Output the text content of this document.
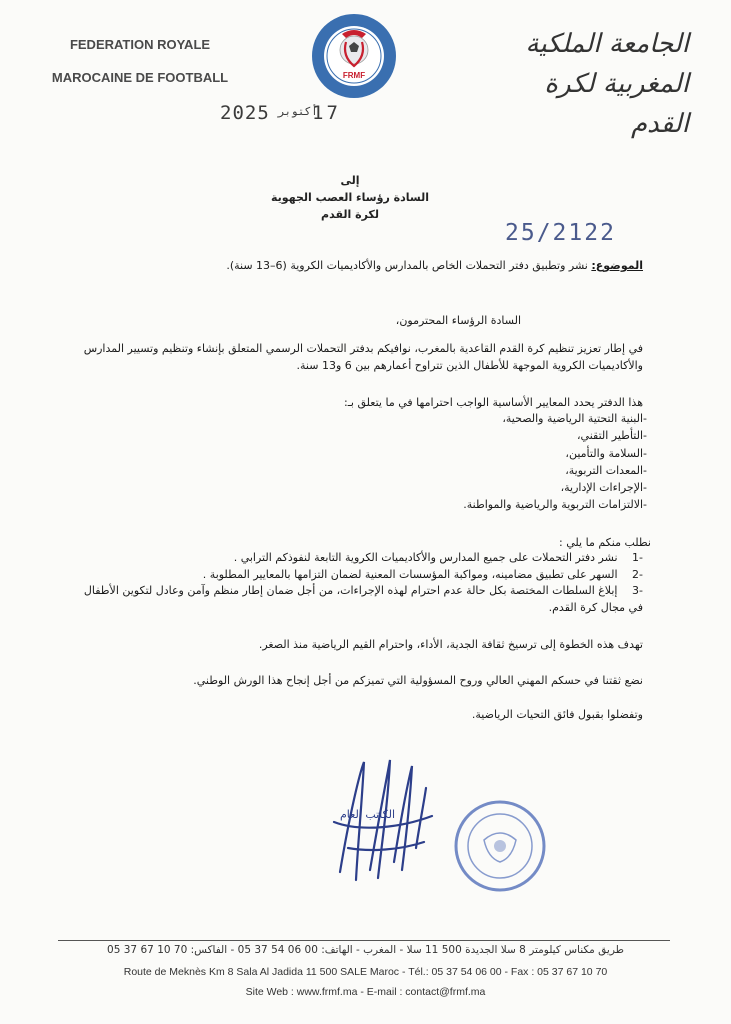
FEDERATION ROYALE
MAROCAINE DE FOOTBALL	FRMF
الجامعة الملكية
المغربية لكرة القدم
2025 أكتوبر
17
إلى
السادة رؤساء العصب الجهوية
لكرة القدم
25/2122
الموضوع: نشر وتطبيق دفتر التحملات الخاص بالمدارس والأكاديميات الكروية (6–13 سنة).
السادة الرؤساء المحترمون،
في إطار تعزيز تنظيم كرة القدم القاعدية بالمغرب، نوافيكم بدفتر التحملات الرسمي المتعلق بإنشاء وتنظيم وتسيير المدارس والأكاديميات الكروية الموجهة للأطفال الذين تتراوح أعمارهم بين 6 و13 سنة.
هذا الدفتر يحدد المعايير الأساسية الواجب احترامها في ما يتعلق بـ:
-البنية التحتية الرياضية والصحية،
-التأطير التقني،
-السلامة والتأمين،
-المعدات التربوية،
-الإجراءات الإدارية،
-الالتزامات التربوية والرياضية والمواطنة.
نطلب منكم ما يلي :
-1 نشر دفتر التحملات على جميع المدارس والأكاديميات الكروية التابعة لنفوذكم الترابي .
-2 السهر على تطبيق مضامينه، ومواكبة المؤسسات المعنية لضمان التزامها بالمعايير المطلوبة .
-3 إبلاغ السلطات المختصة بكل حالة عدم احترام لهذه الإجراءات، من أجل ضمان إطار منظم وآمن وعادل لتكوين الأطفال في مجال كرة القدم.
تهدف هذه الخطوة إلى ترسيخ ثقافة الجدية، الأداء، واحترام القيم الرياضية منذ الصغر.
نضع ثقتنا في حسكم المهني العالي وروح المسؤولية التي تميزكم من أجل إنجاح هذا الورش الوطني.
وتفضلوا بقبول فائق التحيات الرياضية.
الكاتب العام
طريق مكناس كيلومتر 8 سلا الجديدة 500 11 سلا - المغرب - الهاتف: 00 06 54 37 05 - الفاكس: 70 10 67 37 05
Route de Meknès Km 8 Sala Al Jadida 11 500 SALE Maroc - Tél.: 05 37 54 06 00 - Fax : 05 37 67 10 70
Site Web : www.frmf.ma - E-mail : contact@frmf.ma
